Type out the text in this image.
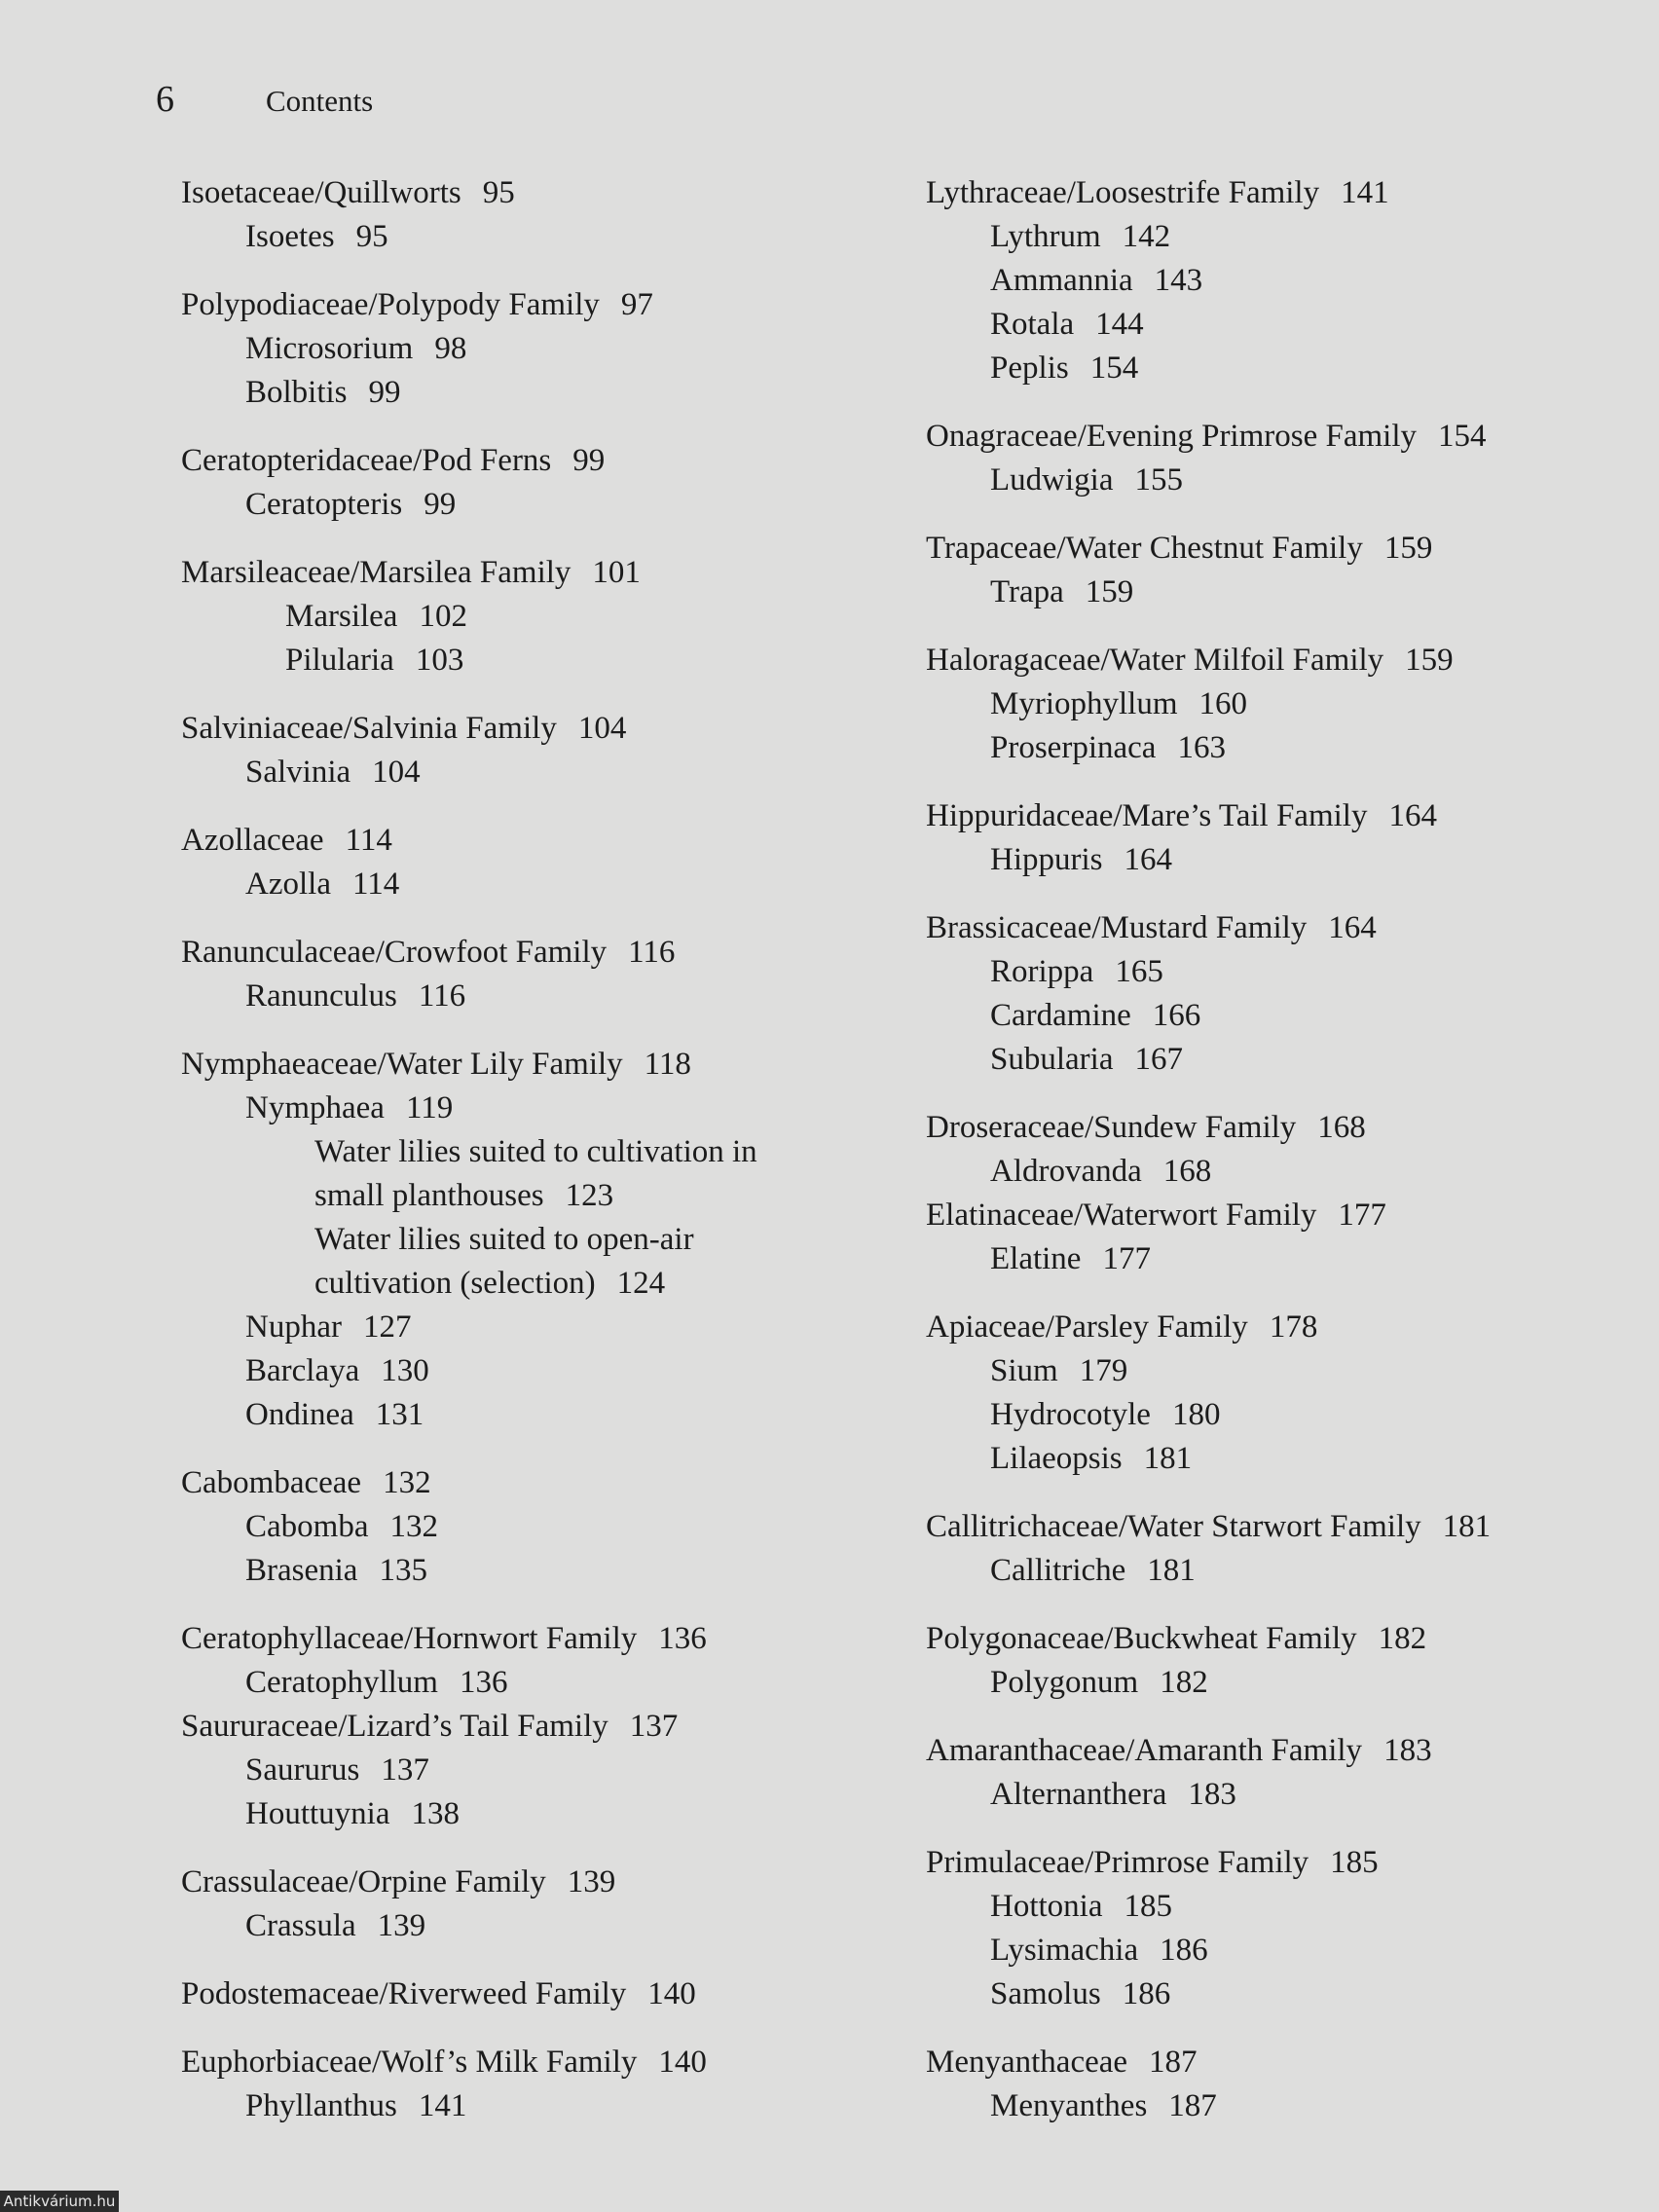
6	Contents
Isoetaceae/Quillworts 95
Isoetes 95
Polypodiaceae/Polypody Family 97
Microsorium 98
Bolbitis 99
Ceratopteridaceae/Pod Ferns 99
Ceratopteris 99
Marsileaceae/Marsilea Family 101
Marsilea 102
Pilularia 103
Salviniaceae/Salvinia Family 104
Salvinia 104
Azollaceae 114
Azolla 114
Ranunculaceae/Crowfoot Family 116
Ranunculus 116
Nymphaeaceae/Water Lily Family 118
Nymphaea 119
Water lilies suited to cultivation in
small planthouses 123
Water lilies suited to open-air
cultivation (selection) 124
Nuphar 127
Barclaya 130
Ondinea 131
Cabombaceae 132
Cabomba 132
Brasenia 135
Ceratophyllaceae/Hornwort Family 136
Ceratophyllum 136
Saururaceae/Lizard’s Tail Family 137
Saururus 137
Houttuynia 138
Crassulaceae/Orpine Family 139
Crassula 139
Podostemaceae/Riverweed Family 140
Euphorbiaceae/Wolf’s Milk Family 140
Phyllanthus 141
Lythraceae/Loosestrife Family 141
Lythrum 142
Ammannia 143
Rotala 144
Peplis 154
Onagraceae/Evening Primrose Family 154
Ludwigia 155
Trapaceae/Water Chestnut Family 159
Trapa 159
Haloragaceae/Water Milfoil Family 159
Myriophyllum 160
Proserpinaca 163
Hippuridaceae/Mare’s Tail Family 164
Hippuris 164
Brassicaceae/Mustard Family 164
Rorippa 165
Cardamine 166
Subularia 167
Droseraceae/Sundew Family 168
Aldrovanda 168
Elatinaceae/Waterwort Family 177
Elatine 177
Apiaceae/Parsley Family 178
Sium 179
Hydrocotyle 180
Lilaeopsis 181
Callitrichaceae/Water Starwort Family 181
Callitriche 181
Polygonaceae/Buckwheat Family 182
Polygonum 182
Amaranthaceae/Amaranth Family 183
Alternanthera 183
Primulaceae/Primrose Family 185
Hottonia 185
Lysimachia 186
Samolus 186
Menyanthaceae 187
Menyanthes 187
Antikvárium.hu
